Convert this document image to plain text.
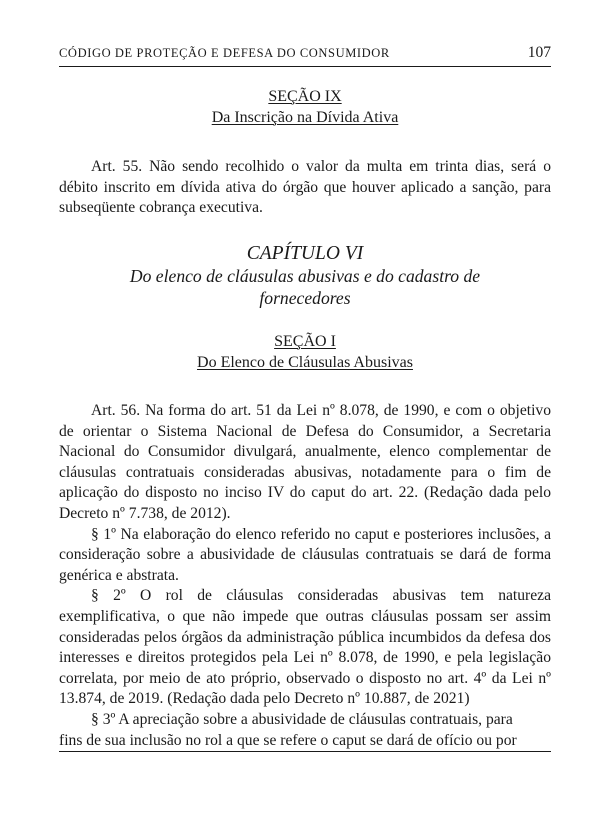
CÓDIGO DE PROTEÇÃO E DEFESA DO CONSUMIDOR	107
SEÇÃO IX
Da Inscrição na Dívida Ativa

Art. 55. Não sendo recolhido o valor da multa em trinta dias, será o débito inscrito em dívida ativa do órgão que houver aplicado a sanção, para subseqüente cobrança executiva.

CAPÍTULO VI
Do elenco de cláusulas abusivas e do cadastro de
fornecedores
SEÇÃO I
Do Elenco de Cláusulas Abusivas

Art. 56. Na forma do art. 51 da Lei nº 8.078, de 1990, e com o objetivo de orientar o Sistema Nacional de Defesa do Consumidor, a Secretaria Nacional do Consumidor divulgará, anualmente, elenco complementar de cláusulas contratuais consideradas abusivas, notadamente para o fim de aplicação do disposto no inciso IV do caput do art. 22. (Redação dada pelo Decreto nº 7.738, de 2012).

§ 1º Na elaboração do elenco referido no caput e posteriores inclusões, a consideração sobre a abusividade de cláusulas contratuais se dará de forma genérica e abstrata.

§ 2º O rol de cláusulas consideradas abusivas tem natureza exemplificativa, o que não impede que outras cláusulas possam ser assim consideradas pelos órgãos da administração pública incumbidos da defesa dos interesses e direitos protegidos pela Lei nº 8.078, de 1990, e pela legislação correlata, por meio de ato próprio, observado o disposto no art. 4º da Lei nº 13.874, de 2019. (Redação dada pelo Decreto nº 10.887, de 2021)

§ 3º A apreciação sobre a abusividade de cláusulas contratuais, para

fins de sua inclusão no rol a que se refere o caput se dará de ofício ou por
